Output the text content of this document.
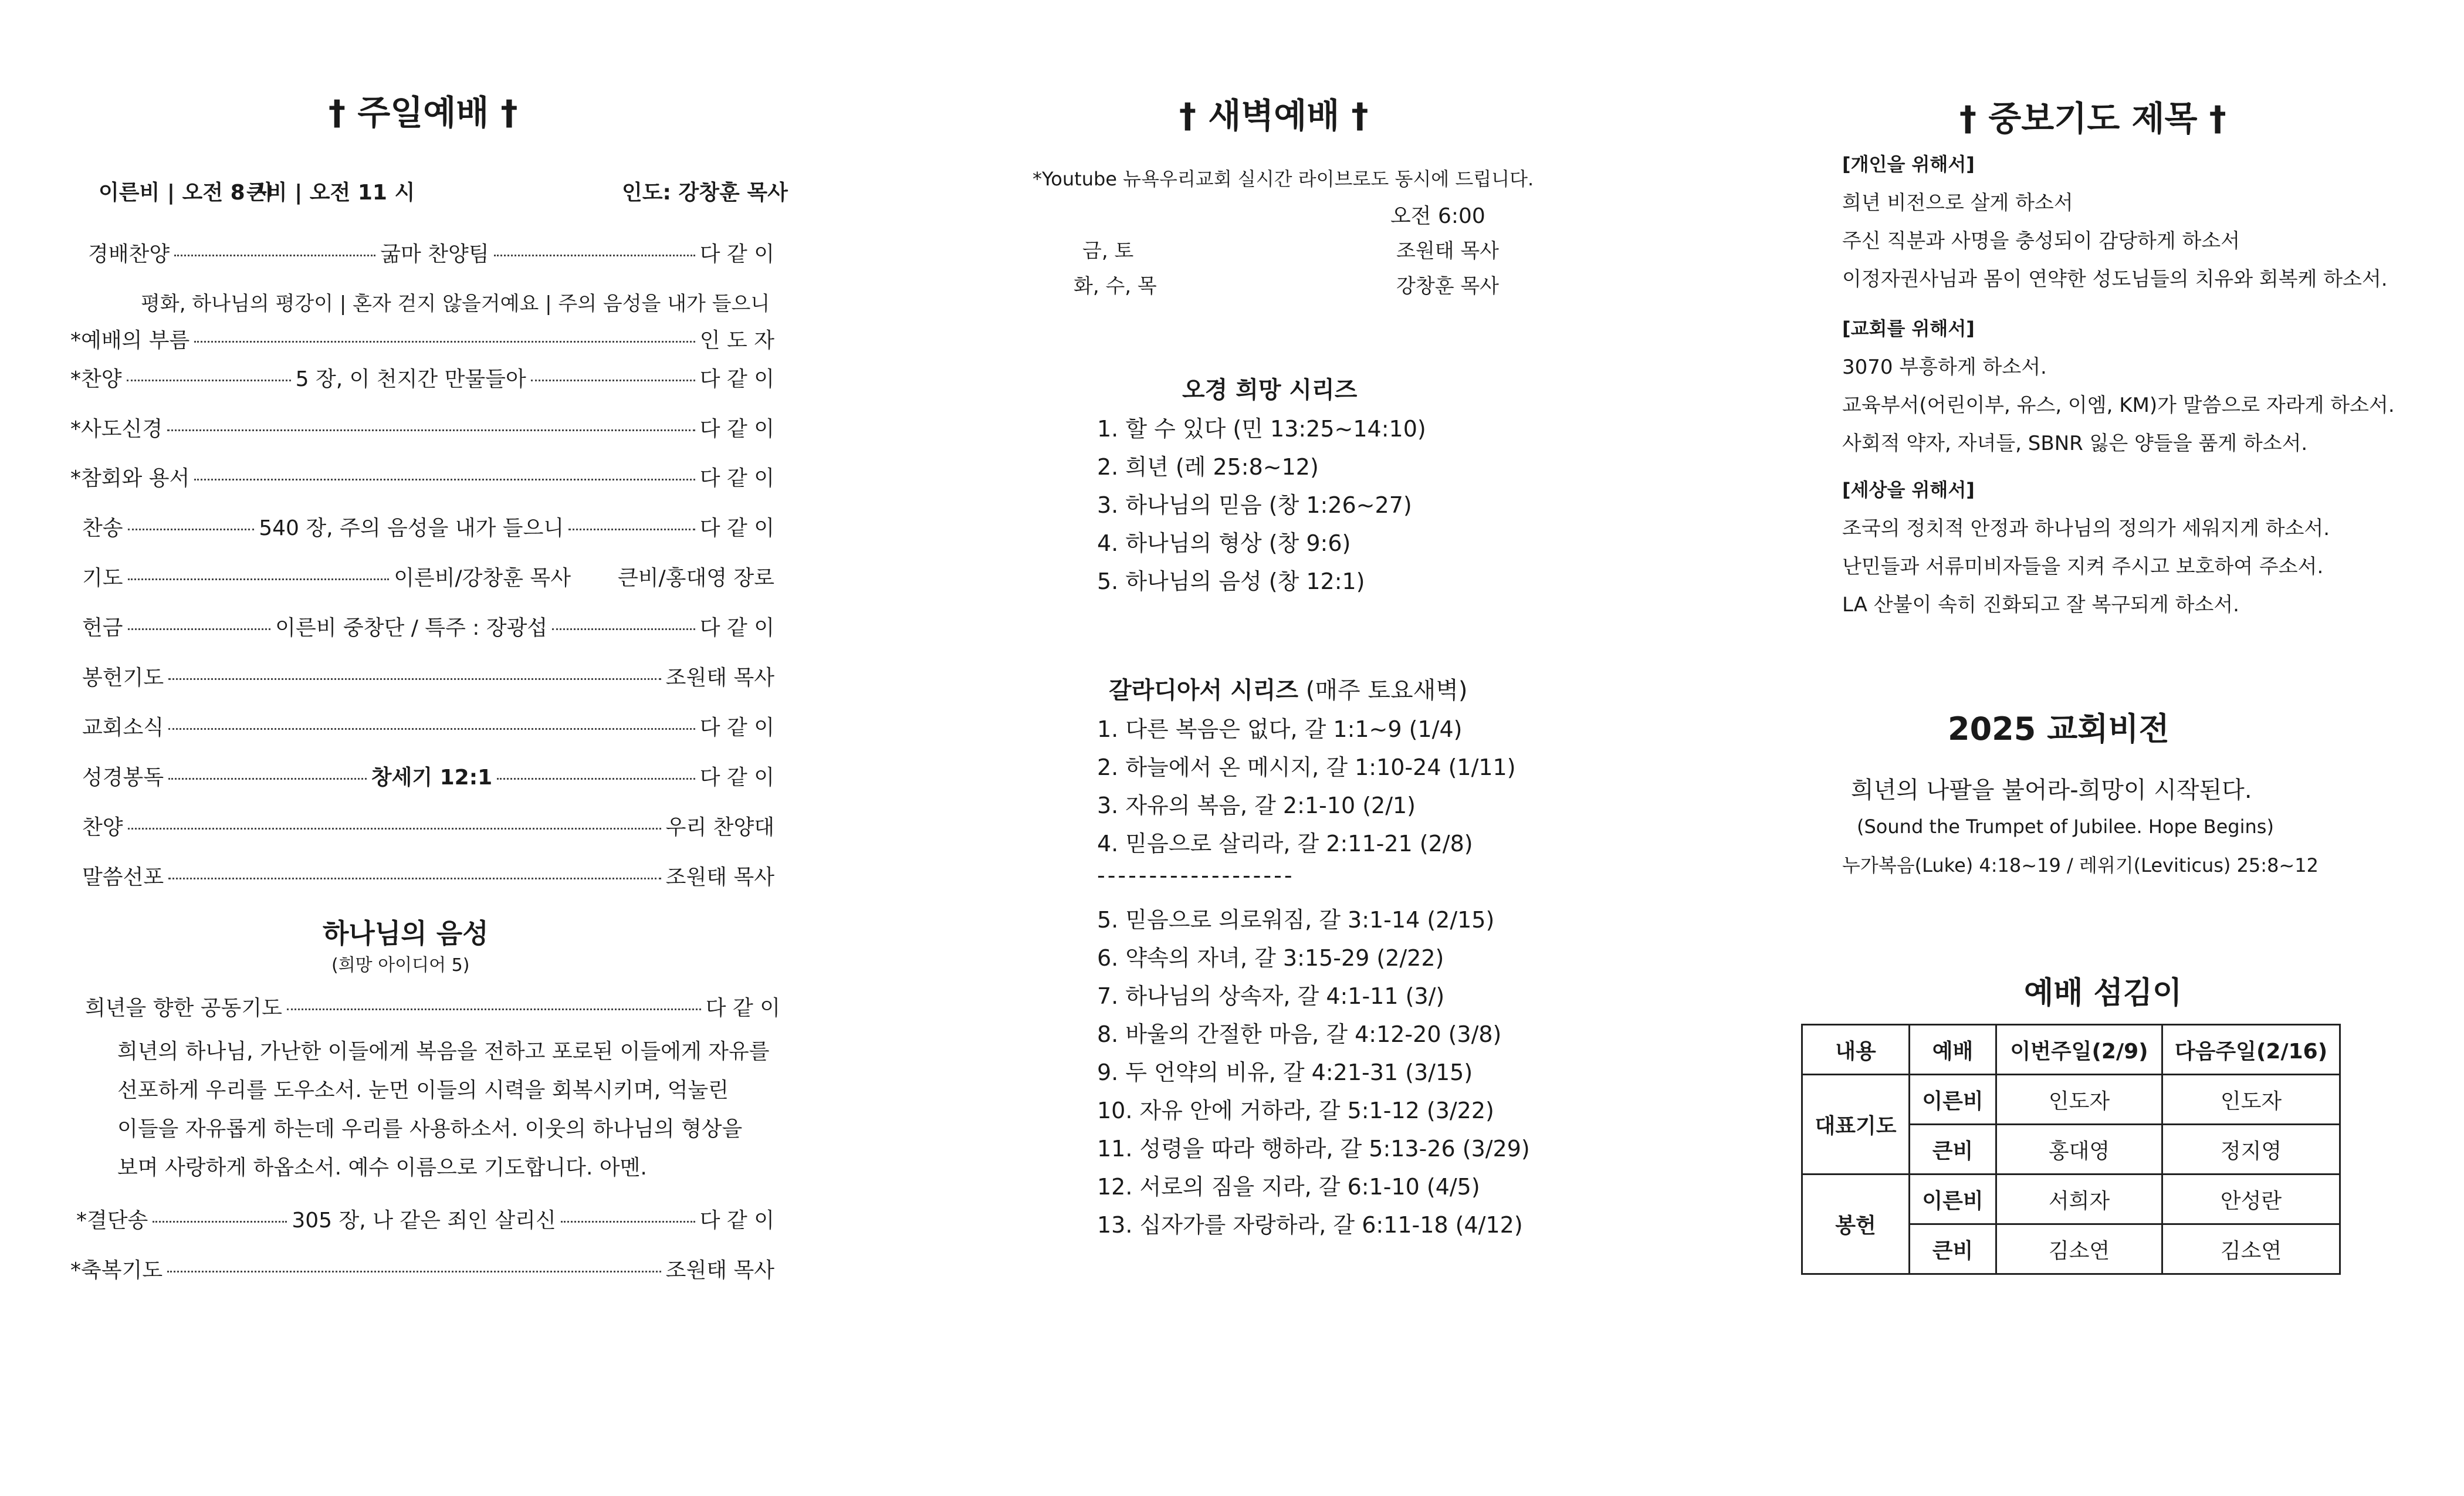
† 주일예배 †
이른비 | 오전 8 시
큰비 | 오전 11 시	인도: 강창훈 목사
경배찬양	굶마 찬양팀	다 같 이
평화, 하나님의 평강이 | 혼자 걷지 않을거예요 | 주의 음성을 내가 들으니
*예배의 부름	인 도 자
*찬양	5 장, 이 천지간 만물들아	다 같 이
*사도신경	다 같 이
*참회와 용서	다 같 이
찬송	540 장, 주의 음성을 내가 들으니	다 같 이
기도	이른비/강창훈 목사 큰비/홍대영 장로
헌금	이른비 중창단 / 특주 : 장광섭	다 같 이
봉헌기도	조원태 목사
교회소식	다 같 이
성경봉독	창세기 12:1	다 같 이
찬양	우리 찬양대
말씀선포	조원태 목사
하나님의 음성
(희망 아이디어 5)
희년을 향한 공동기도	다 같 이
희년의 하나님, 가난한 이들에게 복음을 전하고 포로된 이들에게 자유를
선포하게 우리를 도우소서. 눈먼 이들의 시력을 회복시키며, 억눌린
이들을 자유롭게 하는데 우리를 사용하소서. 이웃의 하나님의 형상을
보며 사랑하게 하옵소서. 예수 이름으로 기도합니다. 아멘.
*결단송	305 장, 나 같은 죄인 살리신	다 같 이
*축복기도	조원태 목사
† 새벽예배 †
*Youtube 뉴욕우리교회 실시간 라이브로도 동시에 드립니다.
오전 6:00
금, 토	조원태 목사
화, 수, 목	강창훈 목사
오경 희망 시리즈
1. 할 수 있다 (민 13:25~14:10)
2. 희년 (레 25:8~12)
3. 하나님의 믿음 (창 1:26~27)
4. 하나님의 형상 (창 9:6)
5. 하나님의 음성 (창 12:1)
갈라디아서 시리즈 (매주 토요새벽)
1. 다른 복음은 없다, 갈 1:1~9 (1/4)
2. 하늘에서 온 메시지, 갈 1:10-24 (1/11)
3. 자유의 복음, 갈 2:1-10 (2/1)
4. 믿음으로 살리라, 갈 2:11-21 (2/8)
-------------------
5. 믿음으로 의로워짐, 갈 3:1-14 (2/15)
6. 약속의 자녀, 갈 3:15-29 (2/22)
7. 하나님의 상속자, 갈 4:1-11 (3/)
8. 바울의 간절한 마음, 갈 4:12-20 (3/8)
9. 두 언약의 비유, 갈 4:21-31 (3/15)
10. 자유 안에 거하라, 갈 5:1-12 (3/22)
11. 성령을 따라 행하라, 갈 5:13-26 (3/29)
12. 서로의 짐을 지라, 갈 6:1-10 (4/5)
13. 십자가를 자랑하라, 갈 6:11-18 (4/12)
† 중보기도 제목 †
[개인을 위해서]
희년 비전으로 살게 하소서
주신 직분과 사명을 충성되이 감당하게 하소서
이정자권사님과 몸이 연약한 성도님들의 치유와 회복케 하소서.
[교회를 위해서]
3070 부흥하게 하소서.
교육부서(어린이부, 유스, 이엠, KM)가 말씀으로 자라게 하소서.
사회적 약자, 자녀들, SBNR 잃은 양들을 품게 하소서.
[세상을 위해서]
조국의 정치적 안정과 하나님의 정의가 세워지게 하소서.
난민들과 서류미비자들을 지켜 주시고 보호하여 주소서.
LA 산불이 속히 진화되고 잘 복구되게 하소서.
2025 교회비전
희년의 나팔을 불어라-희망이 시작된다.
(Sound the Trumpet of Jubilee. Hope Begins)
누가복음(Luke) 4:18~19 / 레위기(Leviticus) 25:8~12
예배 섬김이
내용	예배	이번주일(2/9)	다음주일(2/16)
대표기도	이른비	인도자	인도자
	큰비	홍대영	정지영
봉헌	이른비	서희자	안성란
	큰비	김소연	김소연
